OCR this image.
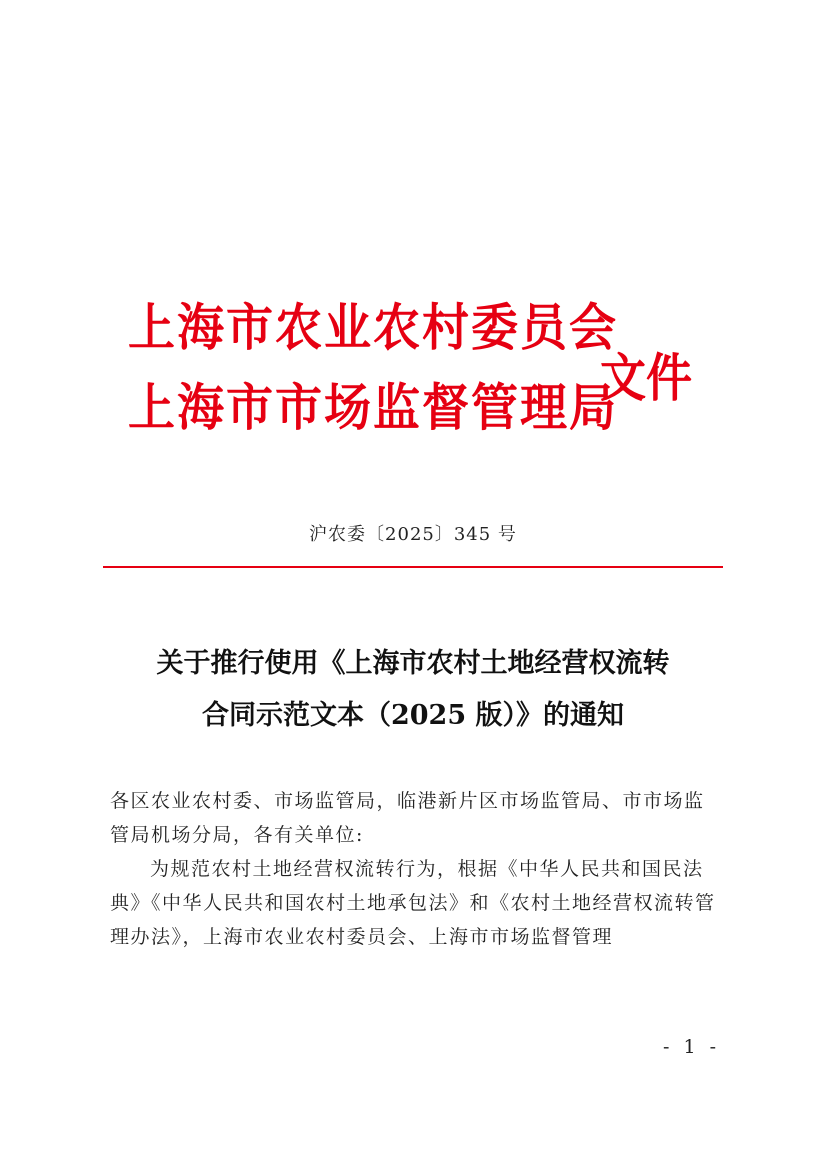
上海市农业农村委员会
上海市市场监督管理局
文件
沪农委〔2025〕345 号
关于推行使用《上海市农村土地经营权流转
合同示范文本（2025 版）》的通知

各区农业农村委、市场监管局，临港新片区市场监管局、市市场监管局机场分局，各有关单位:

为规范农村土地经营权流转行为，根据《中华人民共和国民法典》《中华人民共和国农村土地承包法》和《农村土地经营权流转管理办法》，上海市农业农村委员会、上海市市场监督管理

- 1 -
